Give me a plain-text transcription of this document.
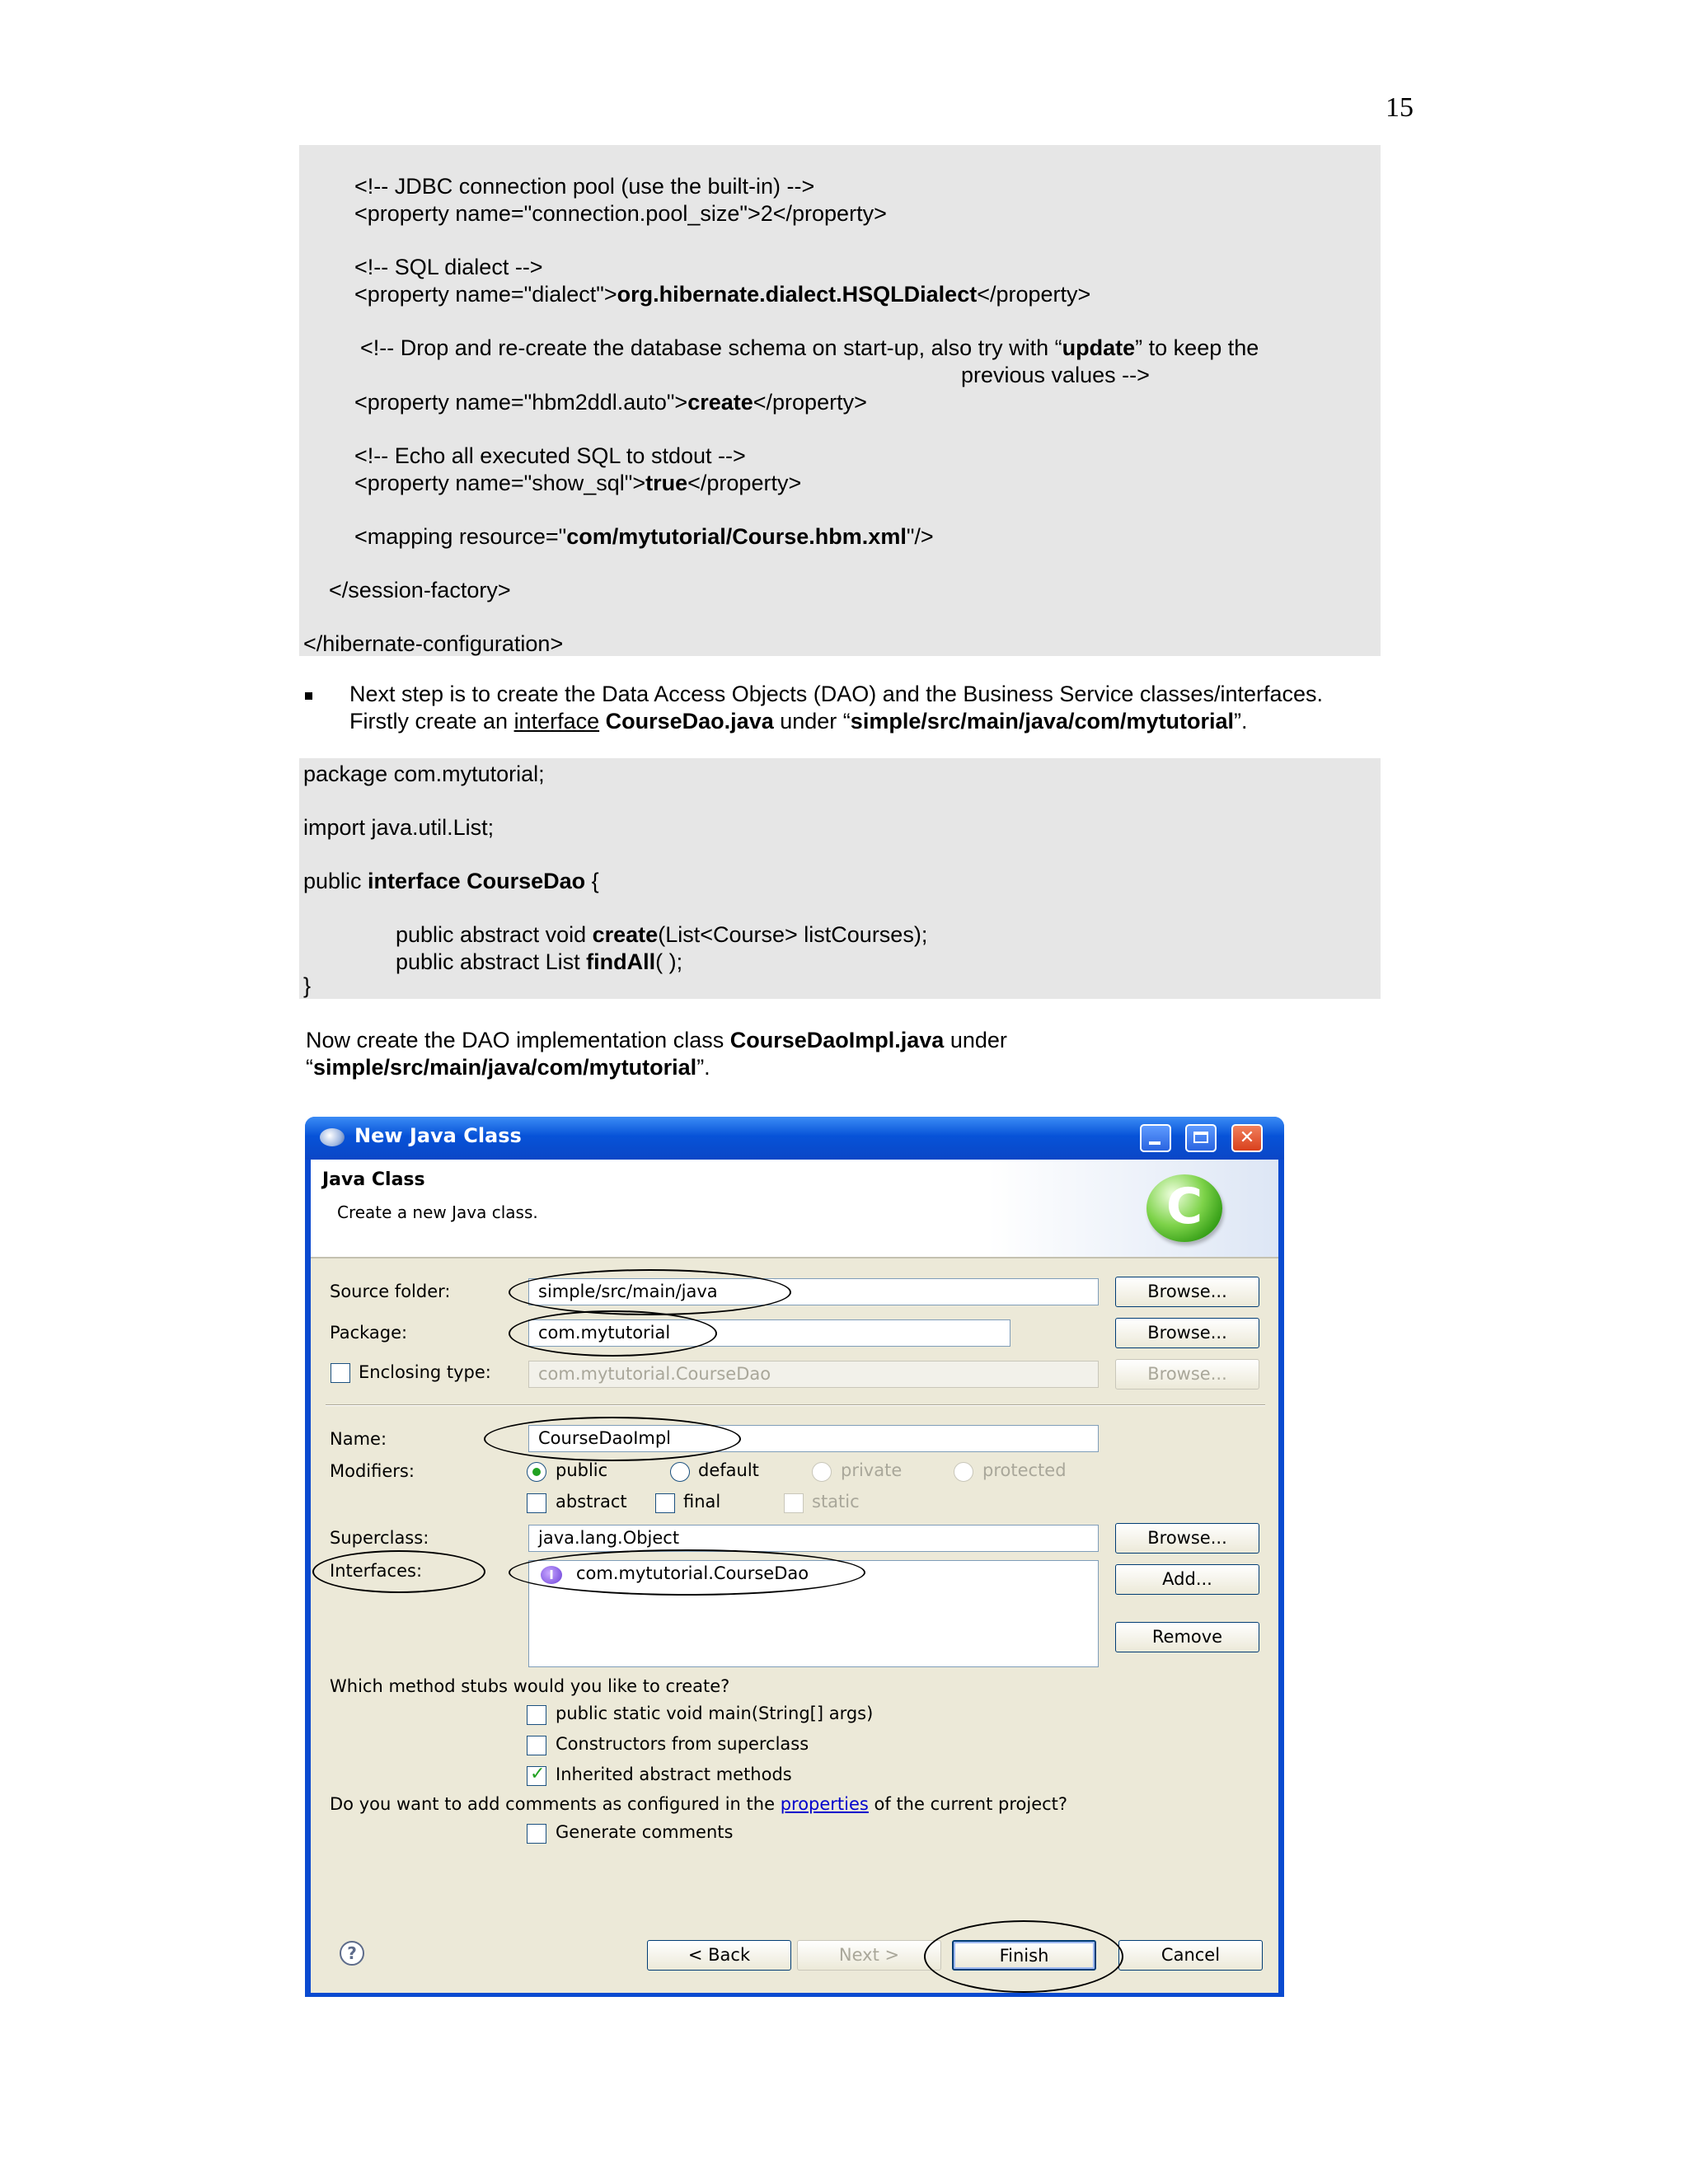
15
<!-- JDBC connection pool (use the built-in) -->
<property name="connection.pool_size">2</property>
<!-- SQL dialect -->
<property name="dialect">org.hibernate.dialect.HSQLDialect</property>
<!-- Drop and re-create the database schema on start-up, also try with “update” to keep the
previous values -->
<property name="hbm2ddl.auto">create</property>
<!-- Echo all executed SQL to stdout -->
<property name="show_sql">true</property>
<mapping resource="com/mytutorial/Course.hbm.xml"/>
</session-factory>
</hibernate-configuration>
Next step is to create the Data Access Objects (DAO) and the Business Service classes/interfaces.
Firstly create an interface CourseDao.java under “simple/src/main/java/com/mytutorial”.
package com.mytutorial;
import java.util.List;
public interface CourseDao {
public abstract void create(List<Course> listCourses);
public abstract List findAll( );
}
Now create the DAO implementation class CourseDaoImpl.java under
“simple/src/main/java/com/mytutorial”.
New Java Class	✕
Java Class
Create a new Java class.	C
Source folder:	simple/src/main/java	Browse...
Package:	com.mytutorial	Browse...
Enclosing type:	com.mytutorial.CourseDao	Browse...
Name:	CourseDaoImpl
Modifiers:	public	default	private	protected
abstract	final	static
Superclass:	java.lang.Object	Browse...
Interfaces:	I	com.mytutorial.CourseDao	Add...
Remove
Which method stubs would you like to create?
public static void main(String[] args)
Constructors from superclass
✓
Inherited abstract methods
Do you want to add comments as configured in the properties of the current project?
Generate comments
?	< Back	Next >	Finish	Cancel
